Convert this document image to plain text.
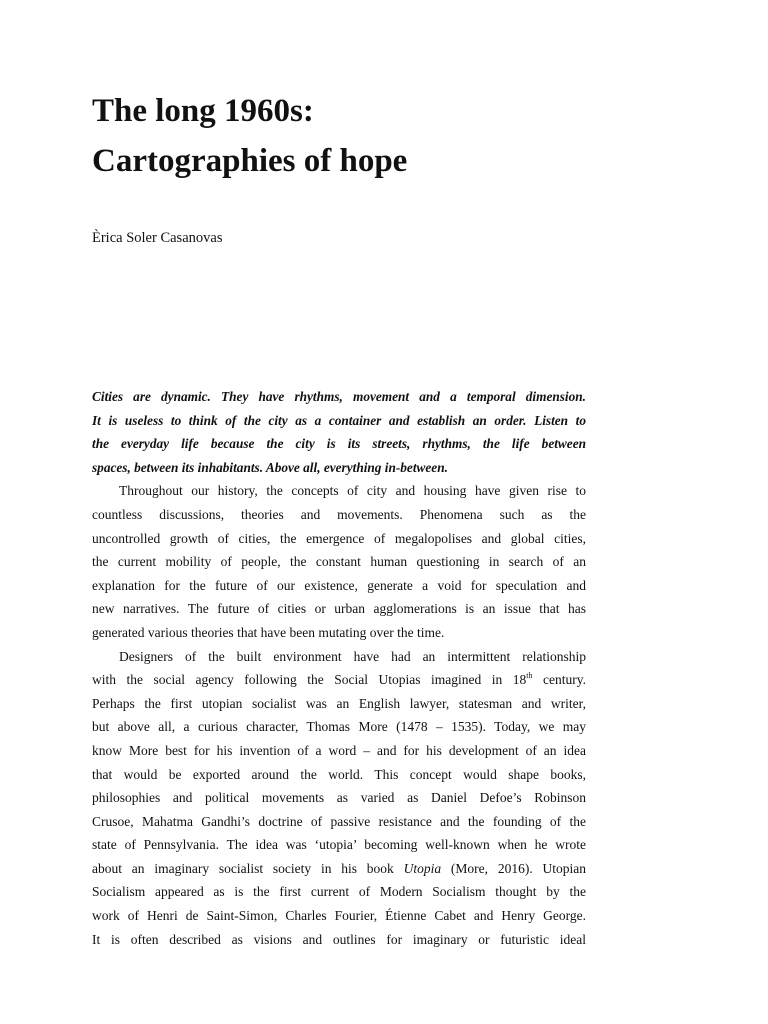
The long 1960s:
Cartographies of hope
Èrica Soler Casanovas
Cities are dynamic. They have rhythms, movement and a temporal dimension.
It is useless to think of the city as a container and establish an order. Listen to
the everyday life because the city is its streets, rhythms, the life between
spaces, between its inhabitants. Above all, everything in-between.
Throughout our history, the concepts of city and housing have given rise to
countless discussions, theories and movements. Phenomena such as the
uncontrolled growth of cities, the emergence of megalopolises and global cities,
the current mobility of people, the constant human questioning in search of an
explanation for the future of our existence, generate a void for speculation and
new narratives. The future of cities or urban agglomerations is an issue that has
generated various theories that have been mutating over the time.
Designers of the built environment have had an intermittent relationship
with the social agency following the Social Utopias imagined in 18th century.
Perhaps the first utopian socialist was an English lawyer, statesman and writer,
but above all, a curious character, Thomas More (1478 – 1535). Today, we may
know More best for his invention of a word – and for his development of an idea
that would be exported around the world. This concept would shape books,
philosophies and political movements as varied as Daniel Defoe’s Robinson
Crusoe, Mahatma Gandhi’s doctrine of passive resistance and the founding of the
state of Pennsylvania. The idea was ‘utopia’ becoming well-known when he wrote
about an imaginary socialist society in his book Utopia (More, 2016). Utopian
Socialism appeared as is the first current of Modern Socialism thought by the
work of Henri de Saint-Simon, Charles Fourier, Étienne Cabet and Henry George.
It is often described as visions and outlines for imaginary or futuristic ideal
